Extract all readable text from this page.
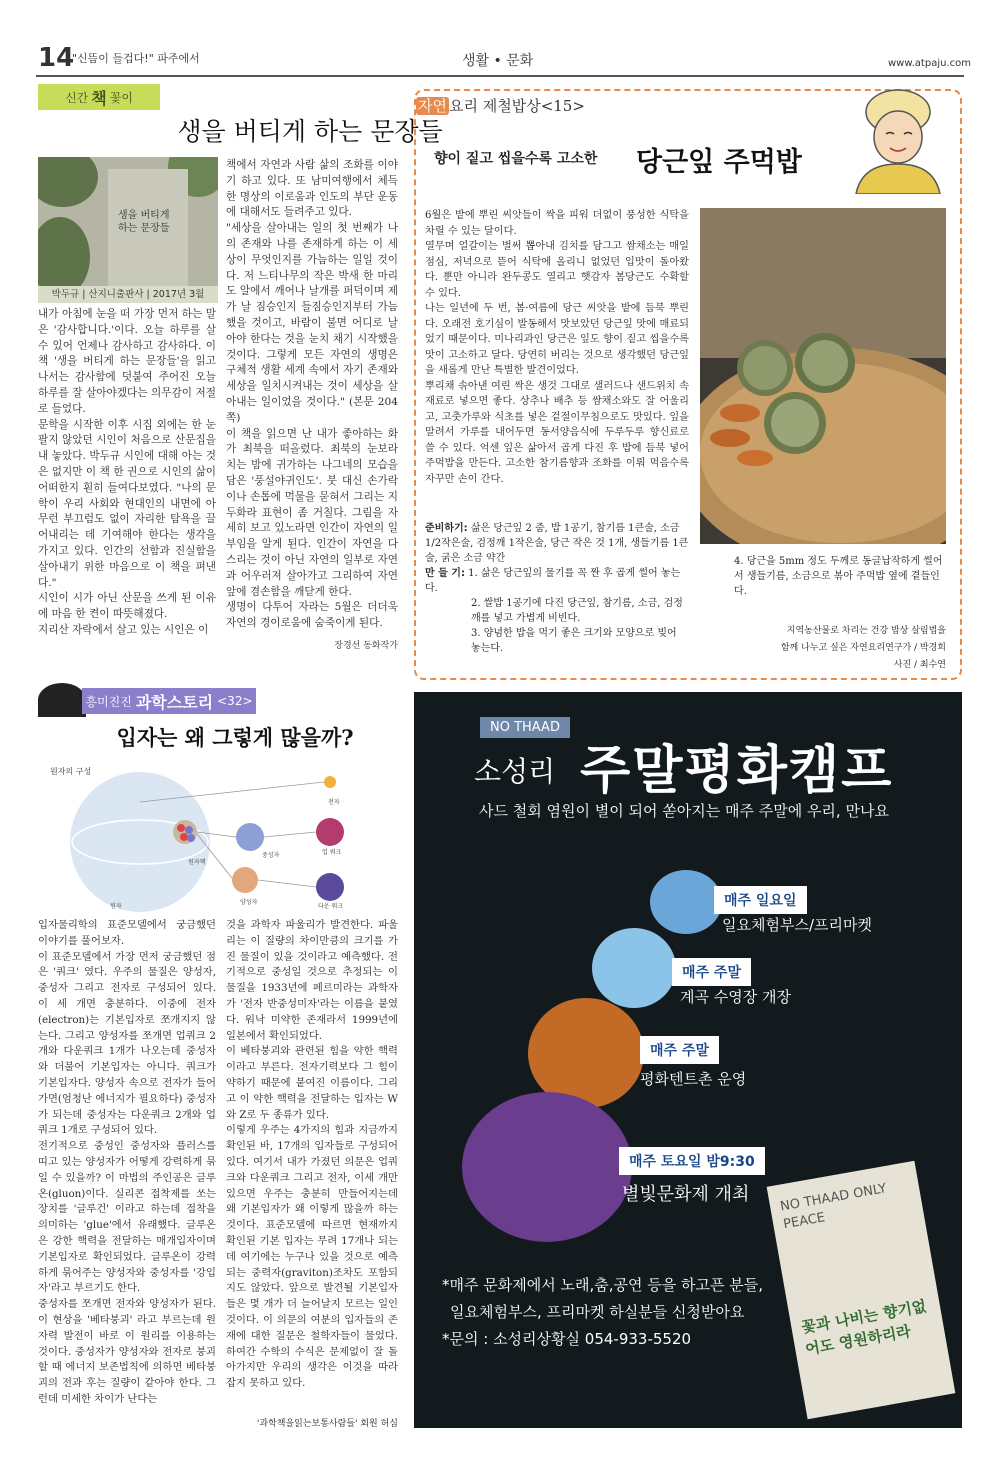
14
"신뜸이 들겁다!" 파주에서	생활 • 문화	www.atpaju.com
신간 책 꽃이
생을 버티게 하는 문장들
생을 버티게 하는 문장들
박두규 | 산지니출판사 | 2017년 3월
내가 아침에 눈을 떠 가장 먼저 하는 말은 '감사합니다.'이다. 오늘 하루를 살 수 있어 언제나 감사하고 감사하다. 이 책 '생을 버티게 하는 문장들'을 읽고 나서는 감사함에 덧붙여 주어진 오늘 하루를 잘 살아야겠다는 의무감이 저절로 들었다.
문학을 시작한 이후 시집 외에는 한 눈 팔지 않았던 시인이 처음으로 산문집을 내 놓았다. 박두규 시인에 대해 아는 것은 없지만 이 책 한 권으로 시인의 삶이 어떠한지 훤히 들여다보였다. "나의 문학이 우리 사회와 현대인의 내면에 아무런 부끄럼도 없이 자리한 탐욕을 끌어내리는 데 기여해야 한다는 생각을 가지고 있다. 인간의 선함과 진실함을 살아내기 위한 마음으로 이 책을 펴낸다."
시인이 시가 아닌 산문을 쓰게 된 이유에 마음 한 켠이 따뜻해졌다.
지리산 자락에서 살고 있는 시인은 이
책에서 자연과 사람 삶의 조화를 이야기 하고 있다. 또 남미여행에서 체득한 명상의 이로움과 인도의 부단 운동에 대해서도 들려주고 있다.
"세상을 살아내는 일의 첫 번째가 나의 존재와 나를 존재하게 하는 이 세상이 무엇인지를 가늠하는 일일 것이다. 저 느티나무의 작은 박새 한 마리도 알에서 깨어나 날개를 퍼덕이며 제가 날 짐승인지 들짐승인지부터 가늠했을 것이고, 바람이 불면 어디로 날아야 한다는 것을 눈치 채기 시작했을 것이다. 그렇게 모든 자연의 생명은 구체적 생활 세계 속에서 자기 존재와 세상을 일치시켜내는 것이 세상을 살아내는 일이었을 것이다." (본문 204쪽)
이 책을 읽으면 난 내가 좋아하는 화가 최북을 떠올렸다. 최북의 눈보라 치는 밤에 귀가하는 나그네의 모습을 담은 '풍설야귀인도'. 붓 대신 손가락이나 손톱에 먹물을 묻혀서 그리는 지두화라 표현이 좀 거칠다. 그림을 자세히 보고 있노라면 인간이 자연의 일부임을 알게 된다. 인간이 자연을 다스리는 것이 아닌 자연의 일부로 자연과 어우러져 살아가고 그리하여 자연 앞에 겸손함을 깨닫게 한다.
생명이 다투어 자라는 5월은 더더욱 자연의 경이로움에 숨죽이게 된다.
장경선 동화작가
자연 요리 제철밥상<15>
향이 짙고 씹을수록 고소한 당근잎 주먹밥
6월은 밭에 뿌린 씨앗들이 싹을 피워 더없이 풍성한 식탁을 차릴 수 있는 달이다.
열무며 얼갈이는 벌써 뽑아내 김치를 담그고 쌈채소는 매일 점심, 저녁으로 뜯어 식탁에 올리니 없었던 입맛이 돌아왔다. 뿐만 아니라 완두콩도 열리고 햇감자 봄당근도 수확할 수 있다.
나는 일년에 두 번, 봄·여름에 당근 씨앗을 밭에 듬북 뿌린다. 오래전 호기심이 발동해서 맛보았던 당근잎 맛에 매료되었기 때문이다. 미나리과인 당근은 잎도 향이 짙고 씹을수록 맛이 고소하고 달다. 당연히 버리는 것으로 생각했던 당근잎을 새롭게 만난 특별한 발견이었다.
뿌리채 솎아낸 여린 싹은 생것 그대로 샐러드나 샌드위치 속재료로 넣으면 좋다. 상추나 배추 등 쌈채소와도 잘 어울리고, 고춧가루와 식초를 넣은 겉절이무침으로도 맛있다. 잎을 말려서 가루를 내어두면 동서양음식에 두루두루 향신료로 쓸 수 있다. 억센 잎은 삶아서 곱게 다진 후 밥에 듬북 넣어 주먹밥을 만든다. 고소한 참기름향과 조화를 이뤄 먹음수록 자꾸만 손이 간다.
준비하기: 삶은 당근잎 2 줌, 밥 1공기, 참기름 1큰술, 소금 1/2작은술, 검정깨 1작은술, 당근 작은 것 1개, 생들기름 1큰술, 굵은 소금 약간
만 들 기: 1. 삶은 당근잎의 물기를 꼭 짠 후 곱게 썰어 놓는다.
2. 쌀밥 1공기에 다진 당근잎, 참기름, 소금, 검정깨를 넣고 가볍게 비빈다.
3. 양념한 밥을 먹기 좋은 크기와 모양으로 빚어 놓는다.
4. 당근을 5mm 정도 두께로 동글납작하게 썰어 서 생들기름, 소금으로 볶아 주먹밥 옆에 곁들인다.
지역농산물로 차리는 건강 밥상 살림법을
함께 나누고 싶은 자연요리연구가 / 박경희
사진 / 최수연
흥미진진 과학스토리 <32>
입자는 왜 그렇게 많을까?
원자의 구성
전자
원자핵
중성자
양성자
업 쿼크
다운 쿼크
원자
입자물리학의 표준모델에서 궁금했던 이야기를 풀어보자.
이 표준모델에서 가장 먼저 궁금했던 점은 '쿼크' 였다. 우주의 물질은 양성자, 중성자 그리고 전자로 구성되어 있다. 이 세 개면 충분하다. 이중에 전자(electron)는 기본입자로 쪼개지지 않는다. 그리고 양성자를 쪼개면 업쿼크 2개와 다운쿼크 1개가 나오는데 중성자와 더불어 기본입자는 아니다. 쿼크가 기본입자다. 양성자 속으로 전자가 들어가면(엄청난 에너지가 필요하다) 중성자가 되는데 중성자는 다운쿼크 2개와 업쿼크 1개로 구성되어 있다.
전기적으로 중성인 중성자와 플러스를 띠고 있는 양성자가 어떻게 강력하게 묶일 수 있을까? 이 마법의 주인공은 글루온(gluon)이다. 실리콘 접착제를 쏘는 장치를 '글루건' 이라고 하는데 접착을 의미하는 'glue'에서 유래했다. 글루온은 강한 핵력을 전달하는 매개입자이며 기본입자로 확인되었다. 글루온이 강력하게 묶어주는 양성자와 중성자를 '강입자'라고 부르기도 한다.
중성자를 쪼개면 전자와 양성자가 된다. 이 현상을 '베타붕괴' 라고 부르는데 원자력 발전이 바로 이 원리를 이용하는 것이다. 중성자가 양성자와 전자로 붕괴할 때 에너지 보존법칙에 의하면 베타붕괴의 전과 후는 질량이 같아야 한다. 그런데 미세한 차이가 난다는
것을 과학자 파울리가 발견한다. 파울리는 이 질량의 차이만큼의 크기를 가진 물질이 있을 것이라고 예측했다. 전기적으로 중성일 것으로 추정되는 이 물질을 1933년에 페르미라는 과학자가 '전자 반중성미자'라는 이름을 붙였다. 워낙 미약한 존재라서 1999년에 일본에서 확인되었다.
이 베타붕괴와 관련된 힘을 약한 핵력이라고 부른다. 전자기력보다 그 힘이 약하기 때문에 붙여진 이름이다. 그리고 이 약한 핵력을 전달하는 입자는 W와 Z로 두 종류가 있다.
이렇게 우주는 4가지의 힘과 지금까지 확인된 바, 17개의 입자들로 구성되어 있다. 여기서 내가 가졌던 의문은 업쿼크와 다운쿼크 그리고 전자, 이세 개만 있으면 우주는 충분히 만들어지는데 왜 기본입자가 왜 이렇게 많을까 하는 것이다. 표준모델에 따르면 현재까지 확인된 기본 입자는 무려 17개나 되는데 여기에는 누구나 있을 것으로 예측되는 중력자(graviton)조차도 포함되지도 않았다. 앞으로 발견될 기본입자들은 몇 개가 더 늘어날지 모르는 일인 것이다. 이 의문의 여분의 입자들의 존재에 대한 질문은 철학자들이 물었다. 하여간 수학의 수식은 문제없이 잘 돌아가지만 우리의 생각은 이것을 따라잡지 못하고 있다.
'과학책을읽는보통사람들' 회원 허심
NO THAAD
소성리 주말평화캠프
사드 철회 염원이 별이 되어 쏟아지는 매주 주말에 우리, 만나요
매주 일요일
일요체험부스/프리마켓
매주 주말
계곡 수영장 개장
매주 주말
평화텐트촌 운영
매주 토요일 밤9:30
별빛문화제 개최	NO THAAD ONLY PEACE
꽃과 나비는 향기없어도 영원하리라
*매주 문화제에서 노래,춤,공연 등을 하고픈 분들,
일요체험부스, 프리마켓 하실분들 신청받아요
*문의 : 소성리상황실 054-933-5520
